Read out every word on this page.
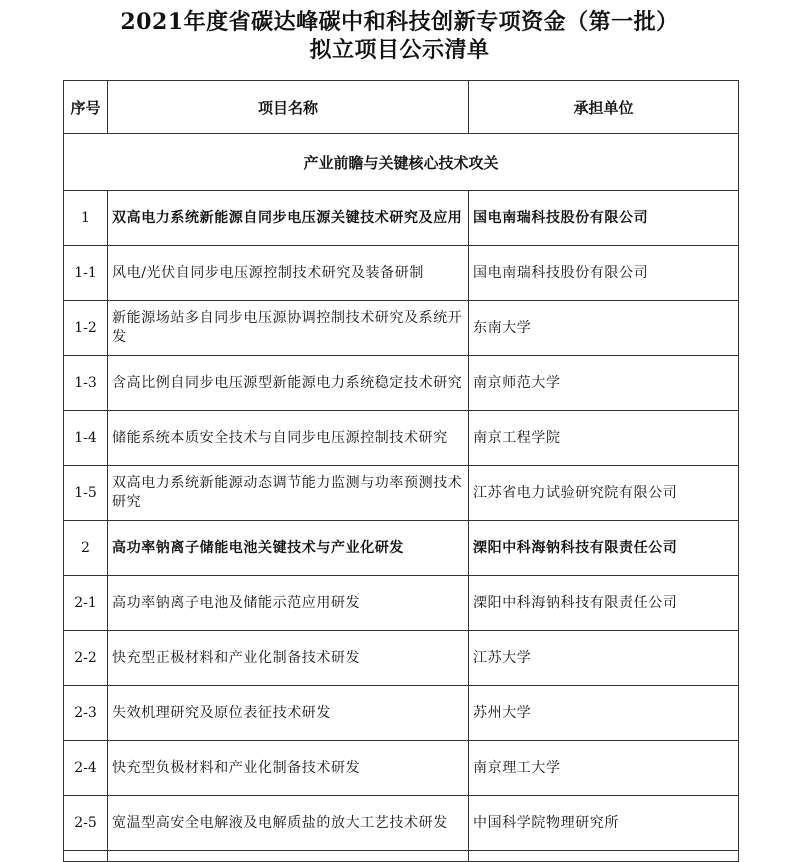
2021年度省碳达峰碳中和科技创新专项资金（第一批）
拟立项目公示清单
序号	项目名称	承担单位
产业前瞻与关键核心技术攻关		
1	双高电力系统新能源自同步电压源关键技术研究及应用	国电南瑞科技股份有限公司
1-1	风电/光伏自同步电压源控制技术研究及装备研制	国电南瑞科技股份有限公司
1-2	新能源场站多自同步电压源协调控制技术研究及系统开发	东南大学
1-3	含高比例自同步电压源型新能源电力系统稳定技术研究	南京师范大学
1-4	储能系统本质安全技术与自同步电压源控制技术研究	南京工程学院
1-5	双高电力系统新能源动态调节能力监测与功率预测技术研究	江苏省电力试验研究院有限公司
2	高功率钠离子储能电池关键技术与产业化研发	溧阳中科海钠科技有限责任公司
2-1	高功率钠离子电池及储能示范应用研发	溧阳中科海钠科技有限责任公司
2-2	快充型正极材料和产业化制备技术研发	江苏大学
2-3	失效机理研究及原位表征技术研发	苏州大学
2-4	快充型负极材料和产业化制备技术研发	南京理工大学
2-5	宽温型高安全电解液及电解质盐的放大工艺技术研发	中国科学院物理研究所
